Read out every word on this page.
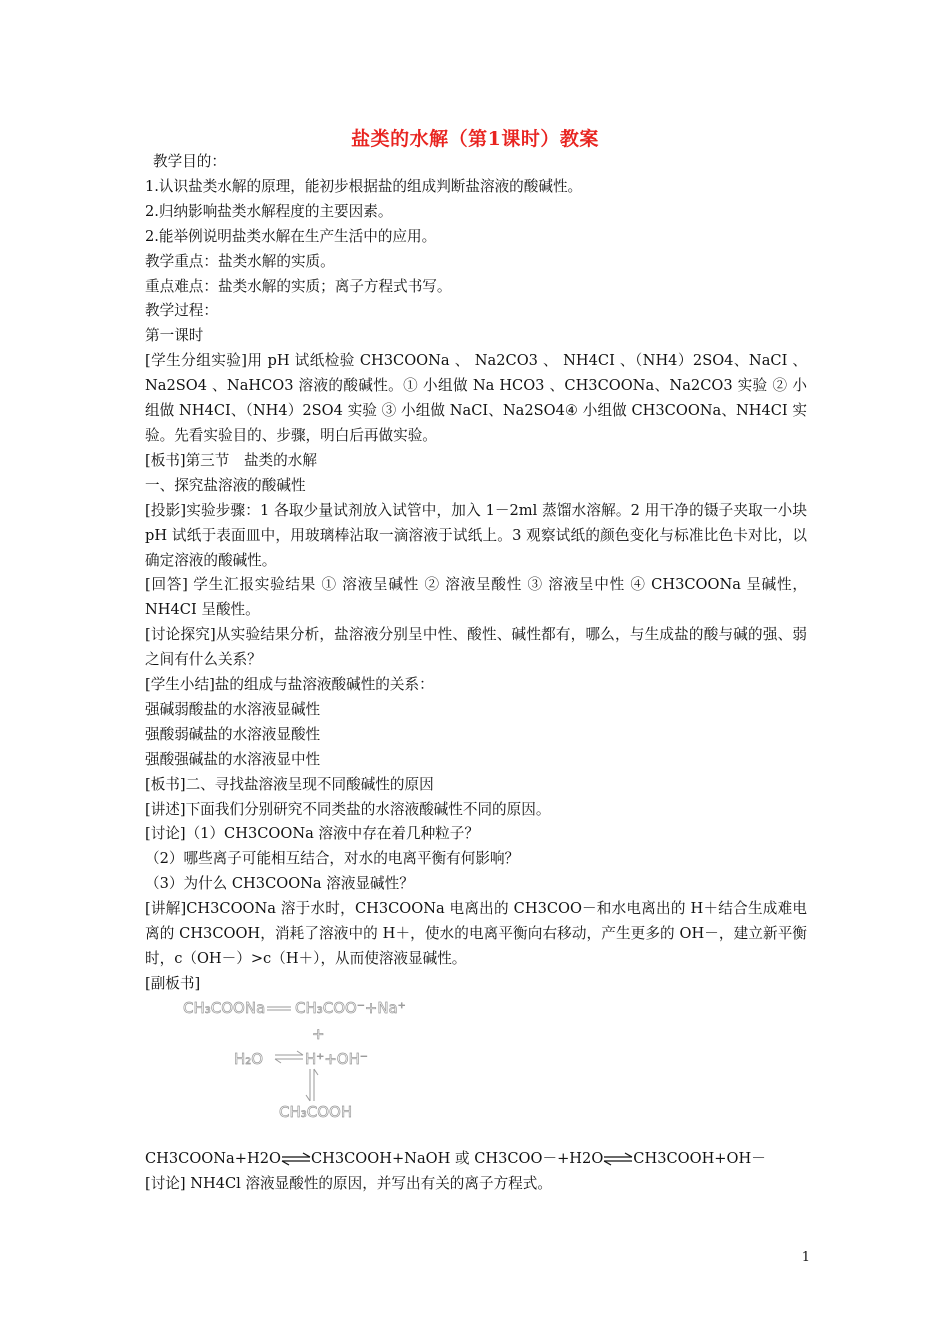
盐类的水解（第1课时）教案

教学目的：

1.认识盐类水解的原理，能初步根据盐的组成判断盐溶液的酸碱性。

2.归纳影响盐类水解程度的主要因素。

2.能举例说明盐类水解在生产生活中的应用。

教学重点：盐类水解的实质。

重点难点：盐类水解的实质；离子方程式书写。

教学过程：

第一课时

[学生分组实验]用 pH 试纸检验 CH3COONa 、 Na2CO3 、 NH4CI 、（NH4）2SO4、NaCI 、Na2SO4 、NaHCO3 溶液的酸碱性。① 小组做 Na HCO3 、CH3COONa、Na2CO3 实验 ② 小组做 NH4CI、（NH4）2SO4 实验 ③ 小组做 NaCI、Na2SO4④ 小组做 CH3COONa、NH4CI 实验。先看实验目的、步骤，明白后再做实验。

[板书]第三节　盐类的水解

一、探究盐溶液的酸碱性

[投影]实验步骤：1 各取少量试剂放入试管中，加入 1－2ml 蒸馏水溶解。2 用干净的镊子夹取一小块 pH 试纸于表面皿中，用玻璃棒沾取一滴溶液于试纸上。3 观察试纸的颜色变化与标准比色卡对比，以确定溶液的酸碱性。

[回答] 学生汇报实验结果 ① 溶液呈碱性 ② 溶液呈酸性 ③ 溶液呈中性 ④ CH3COONa 呈碱性，NH4CI 呈酸性。

[讨论探究]从实验结果分析，盐溶液分别呈中性、酸性、碱性都有，哪么，与生成盐的酸与碱的强、弱之间有什么关系？

[学生小结]盐的组成与盐溶液酸碱性的关系：

强碱弱酸盐的水溶液显碱性

强酸弱碱盐的水溶液显酸性

强酸强碱盐的水溶液显中性

[板书]二、寻找盐溶液呈现不同酸碱性的原因

[讲述]下面我们分别研究不同类盐的水溶液酸碱性不同的原因。

[讨论]（1）CH3COONa 溶液中存在着几种粒子？

（2）哪些离子可能相互结合，对水的电离平衡有何影响？

（3）为什么 CH3COONa 溶液显碱性？

[讲解]CH3COONa 溶于水时，CH3COONa 电离出的 CH3COO－和水电离出的 H＋结合生成难电离的 CH3COOH，消耗了溶液中的 H＋，使水的电离平衡向右移动，产生更多的 OH－，建立新平衡时，c（OH－）>c（H＋），从而使溶液显碱性。

[副板书]

CH₃COONa CH₃COO⁻+Na⁺
+
H₂O	H⁺+OH⁻
CH₃COOH

CH3COONa+H2O⇌CH3COOH+NaOH 或 CH3COO－+H2O⇌CH3COOH+OH－

[讨论] NH4Cl 溶液显酸性的原因，并写出有关的离子方程式。

1
